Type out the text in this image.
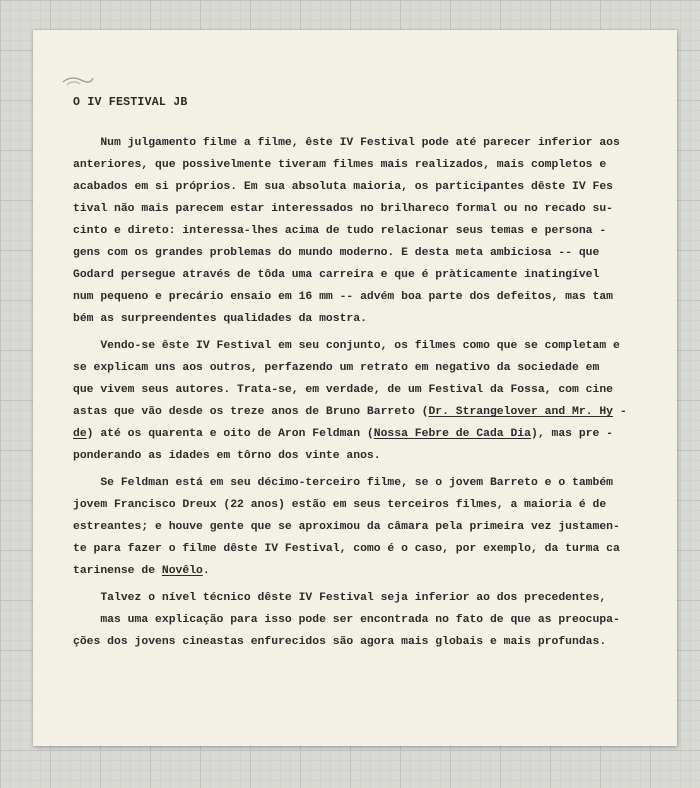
O IV FESTIVAL JB
Num julgamento filme a filme, êste IV Festival pode até parecer inferior aos
anteriores, que possìvelmente tiveram filmes mais realizados, mais completos e
acabados em si próprios. Em sua absoluta maioria, os participantes dêste IV Fes
tival não mais parecem estar interessados no brilhareco formal ou no recado su-
cinto e direto: interessa-lhes acima de tudo relacionar seus temas e persona -
gens com os grandes problemas do mundo moderno. E desta meta ambiciosa -- que
Godard persegue através de tôda uma carreira e que é pràticamente inatingível
num pequeno e precário ensaio em 16 mm -- advém boa parte dos defeitos, mas tam
bém as surpreendentes qualidades da mostra.
Vendo-se êste IV Festival em seu conjunto, os filmes como que se completam e
se explicam uns aos outros, perfazendo um retrato em negativo da sociedade em
que vivem seus autores. Trata-se, em verdade, de um Festival da Fossa, com cine
astas que vão desde os treze anos de Bruno Barreto (Dr. Strangelover and Mr. Hy -
de) até os quarenta e oito de Aron Feldman (Nossa Febre de Cada Dia), mas pre -
ponderando as idades em tôrno dos vinte anos.
Se Feldman está em seu décimo-terceiro filme, se o jovem Barreto e o também
jovem Francisco Dreux (22 anos) estão em seus terceiros filmes, a maioria é de
estreantes; e houve gente que se aproximou da câmara pela primeira vez justamen-
te para fazer o filme dêste IV Festival, como é o caso, por exemplo, da turma ca
tarinense de Novêlo.
Talvez o nível técnico dêste IV Festival seja inferior ao dos precedentes,
mas uma explicação para isso pode ser encontrada no fato de que as preocupa-
ções dos jovens cineastas enfurecidos são agora mais globais e mais profundas.
